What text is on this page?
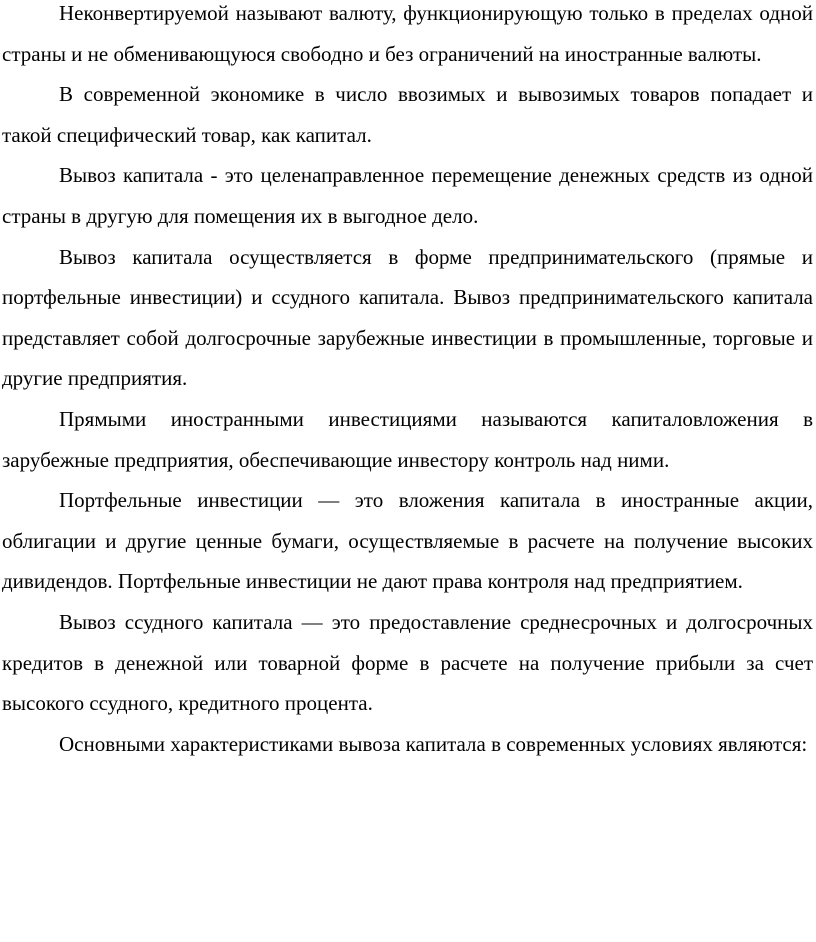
Неконвертируемой называют валюту, функционирующую только в пределах одной страны и не обменивающуюся свободно и без ограничений на иностранные валюты.

В современной экономике в число ввозимых и вывозимых товаров попадает и такой специфический товар, как капитал.

Вывоз капитала - это целенаправленное перемещение денежных средств из одной страны в другую для помещения их в выгодное дело.

Вывоз капитала осуществляется в форме предпринимательского (прямые и портфельные инвестиции) и ссудного капитала. Вывоз предпринимательского капитала представляет собой долгосрочные зарубежные инвестиции в промышленные, торговые и другие предприятия.

Прямыми иностранными инвестициями называются капиталовложения в зарубежные предприятия, обеспечивающие инвестору контроль над ними.

Портфельные инвестиции — это вложения капитала в иностранные акции, облигации и другие ценные бумаги, осуществляемые в расчете на получение высоких дивидендов. Портфельные инвестиции не дают права контроля над предприятием.

Вывоз ссудного капитала — это предоставление среднесрочных и долгосрочных кредитов в денежной или товарной форме в расчете на получение прибыли за счет высокого ссудного, кредитного процента.

Основными характеристиками вывоза капитала в современных условиях являются:
